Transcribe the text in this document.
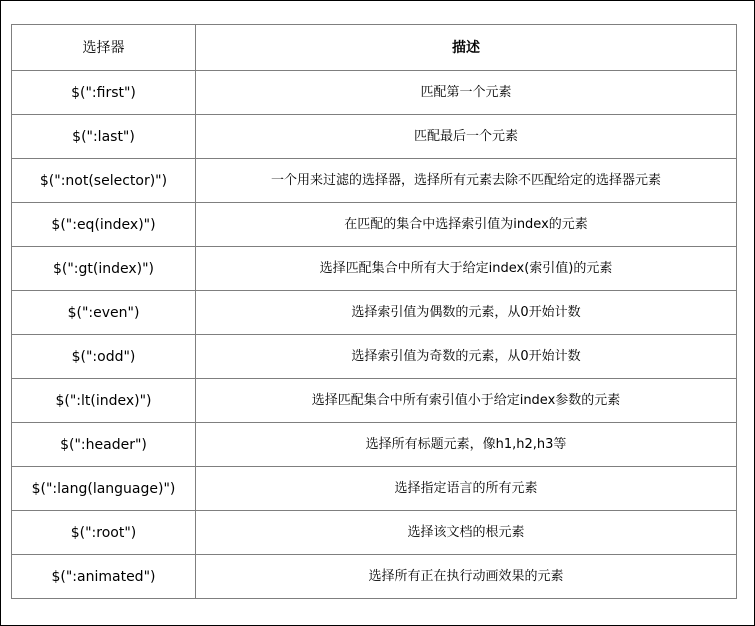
选择器	描述
$(":first")	匹配第一个元素
$(":last")	匹配最后一个元素
$(":not(selector)")	一个用来过滤的选择器，选择所有元素去除不匹配给定的选择器元素
$(":eq(index)")	在匹配的集合中选择索引值为index的元素
$(":gt(index)")	选择匹配集合中所有大于给定index(索引值)的元素
$(":even")	选择索引值为偶数的元素，从0开始计数
$(":odd")	选择索引值为奇数的元素，从0开始计数
$(":lt(index)")	选择匹配集合中所有索引值小于给定index参数的元素
$(":header")	选择所有标题元素，像h1,h2,h3等
$(":lang(language)")	选择指定语言的所有元素
$(":root")	选择该文档的根元素
$(":animated")	选择所有正在执行动画效果的元素
